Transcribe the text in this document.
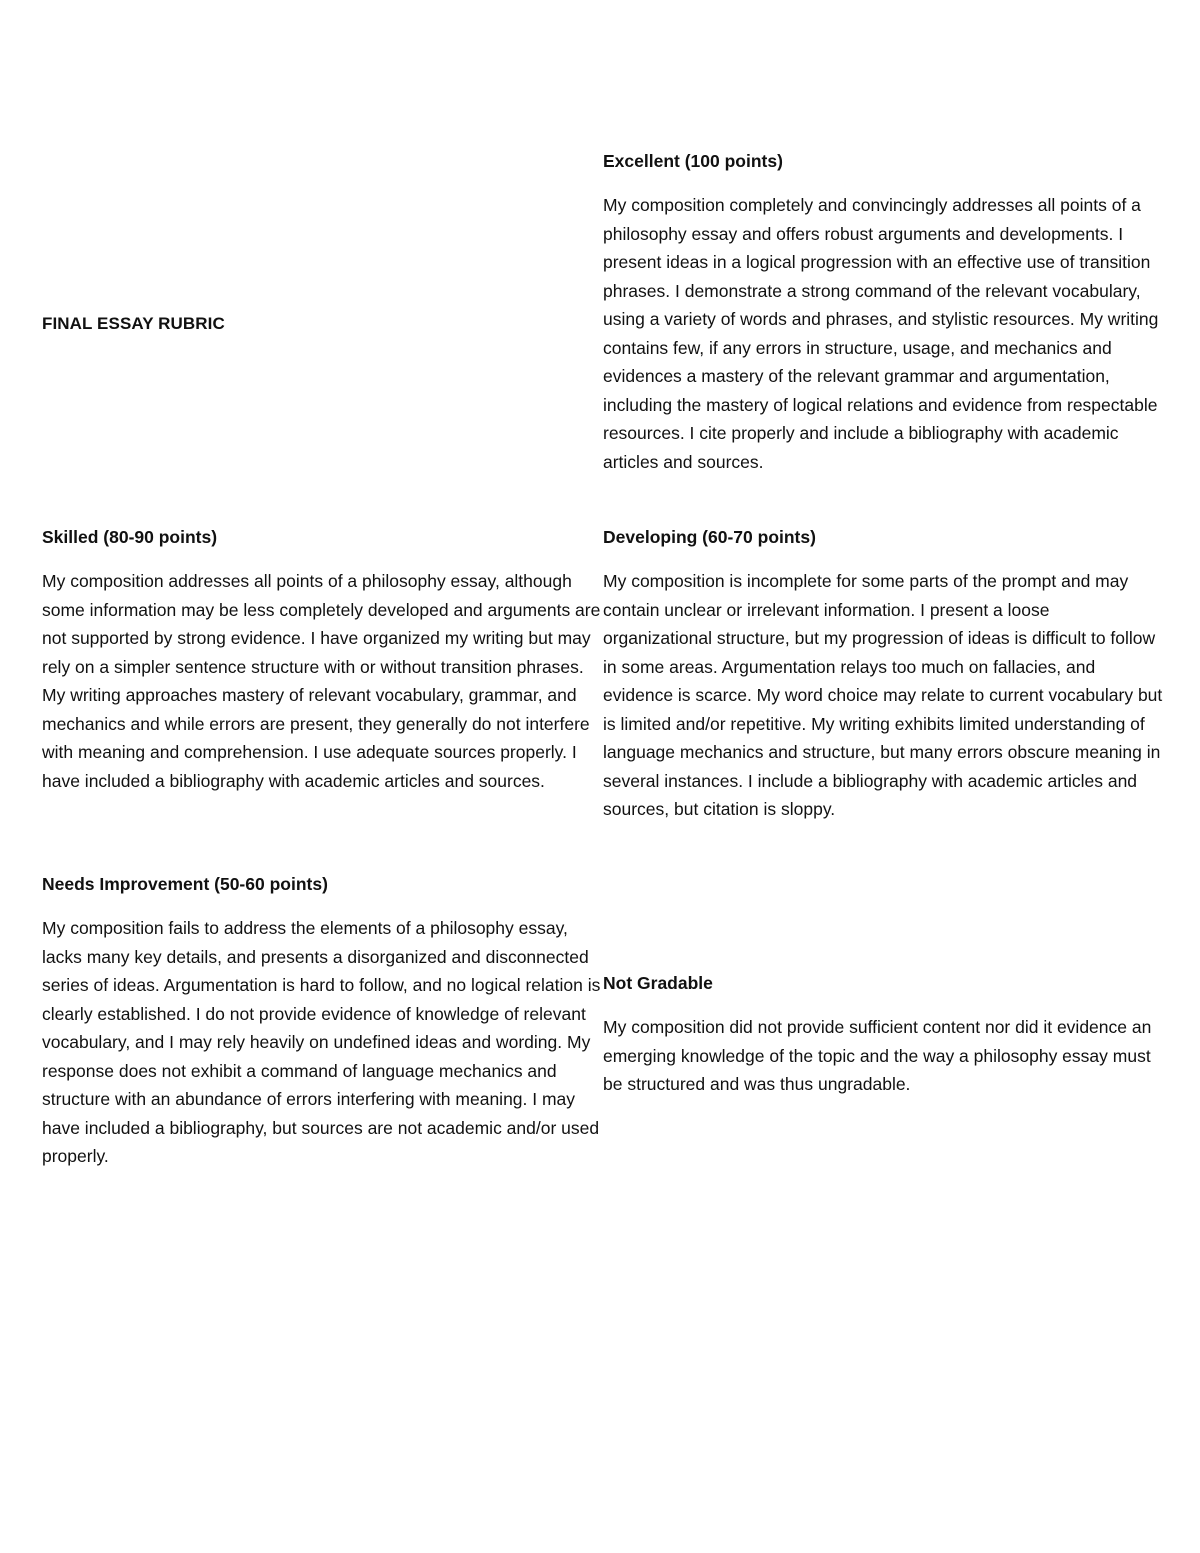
FINAL ESSAY RUBRIC
Excellent (100 points)

My composition completely and convincingly addresses all points of a philosophy essay and offers robust arguments and developments. I present ideas in a logical progression with an effective use of transition phrases. I demonstrate a strong command of the relevant vocabulary, using a variety of words and phrases, and stylistic resources. My writing contains few, if any errors in structure, usage, and mechanics and evidences a mastery of the relevant grammar and argumentation, including the mastery of logical relations and evidence from respectable resources. I cite properly and include a bibliography with academic articles and sources.

Skilled (80-90 points)

My composition addresses all points of a philosophy essay, although some information may be less completely developed and arguments are not supported by strong evidence. I have organized my writing but may rely on a simpler sentence structure with or without transition phrases. My writing approaches mastery of relevant vocabulary, grammar, and mechanics and while errors are present, they generally do not interfere with meaning and comprehension. I use adequate sources properly. I have included a bibliography with academic articles and sources.

Developing (60-70 points)

My composition is incomplete for some parts of the prompt and may contain unclear or irrelevant information. I present a loose organizational structure, but my progression of ideas is difficult to follow in some areas. Argumentation relays too much on fallacies, and evidence is scarce. My word choice may relate to current vocabulary but is limited and/or repetitive. My writing exhibits limited understanding of language mechanics and structure, but many errors obscure meaning in several instances. I include a bibliography with academic articles and sources, but citation is sloppy.

Needs Improvement (50-60 points)

My composition fails to address the elements of a philosophy essay, lacks many key details, and presents a disorganized and disconnected series of ideas. Argumentation is hard to follow, and no logical relation is clearly established. I do not provide evidence of knowledge of relevant vocabulary, and I may rely heavily on undefined ideas and wording. My response does not exhibit a command of language mechanics and structure with an abundance of errors interfering with meaning. I may have included a bibliography, but sources are not academic and/or used properly.

Not Gradable

My composition did not provide sufficient content nor did it evidence an emerging knowledge of the topic and the way a philosophy essay must be structured and was thus ungradable.
